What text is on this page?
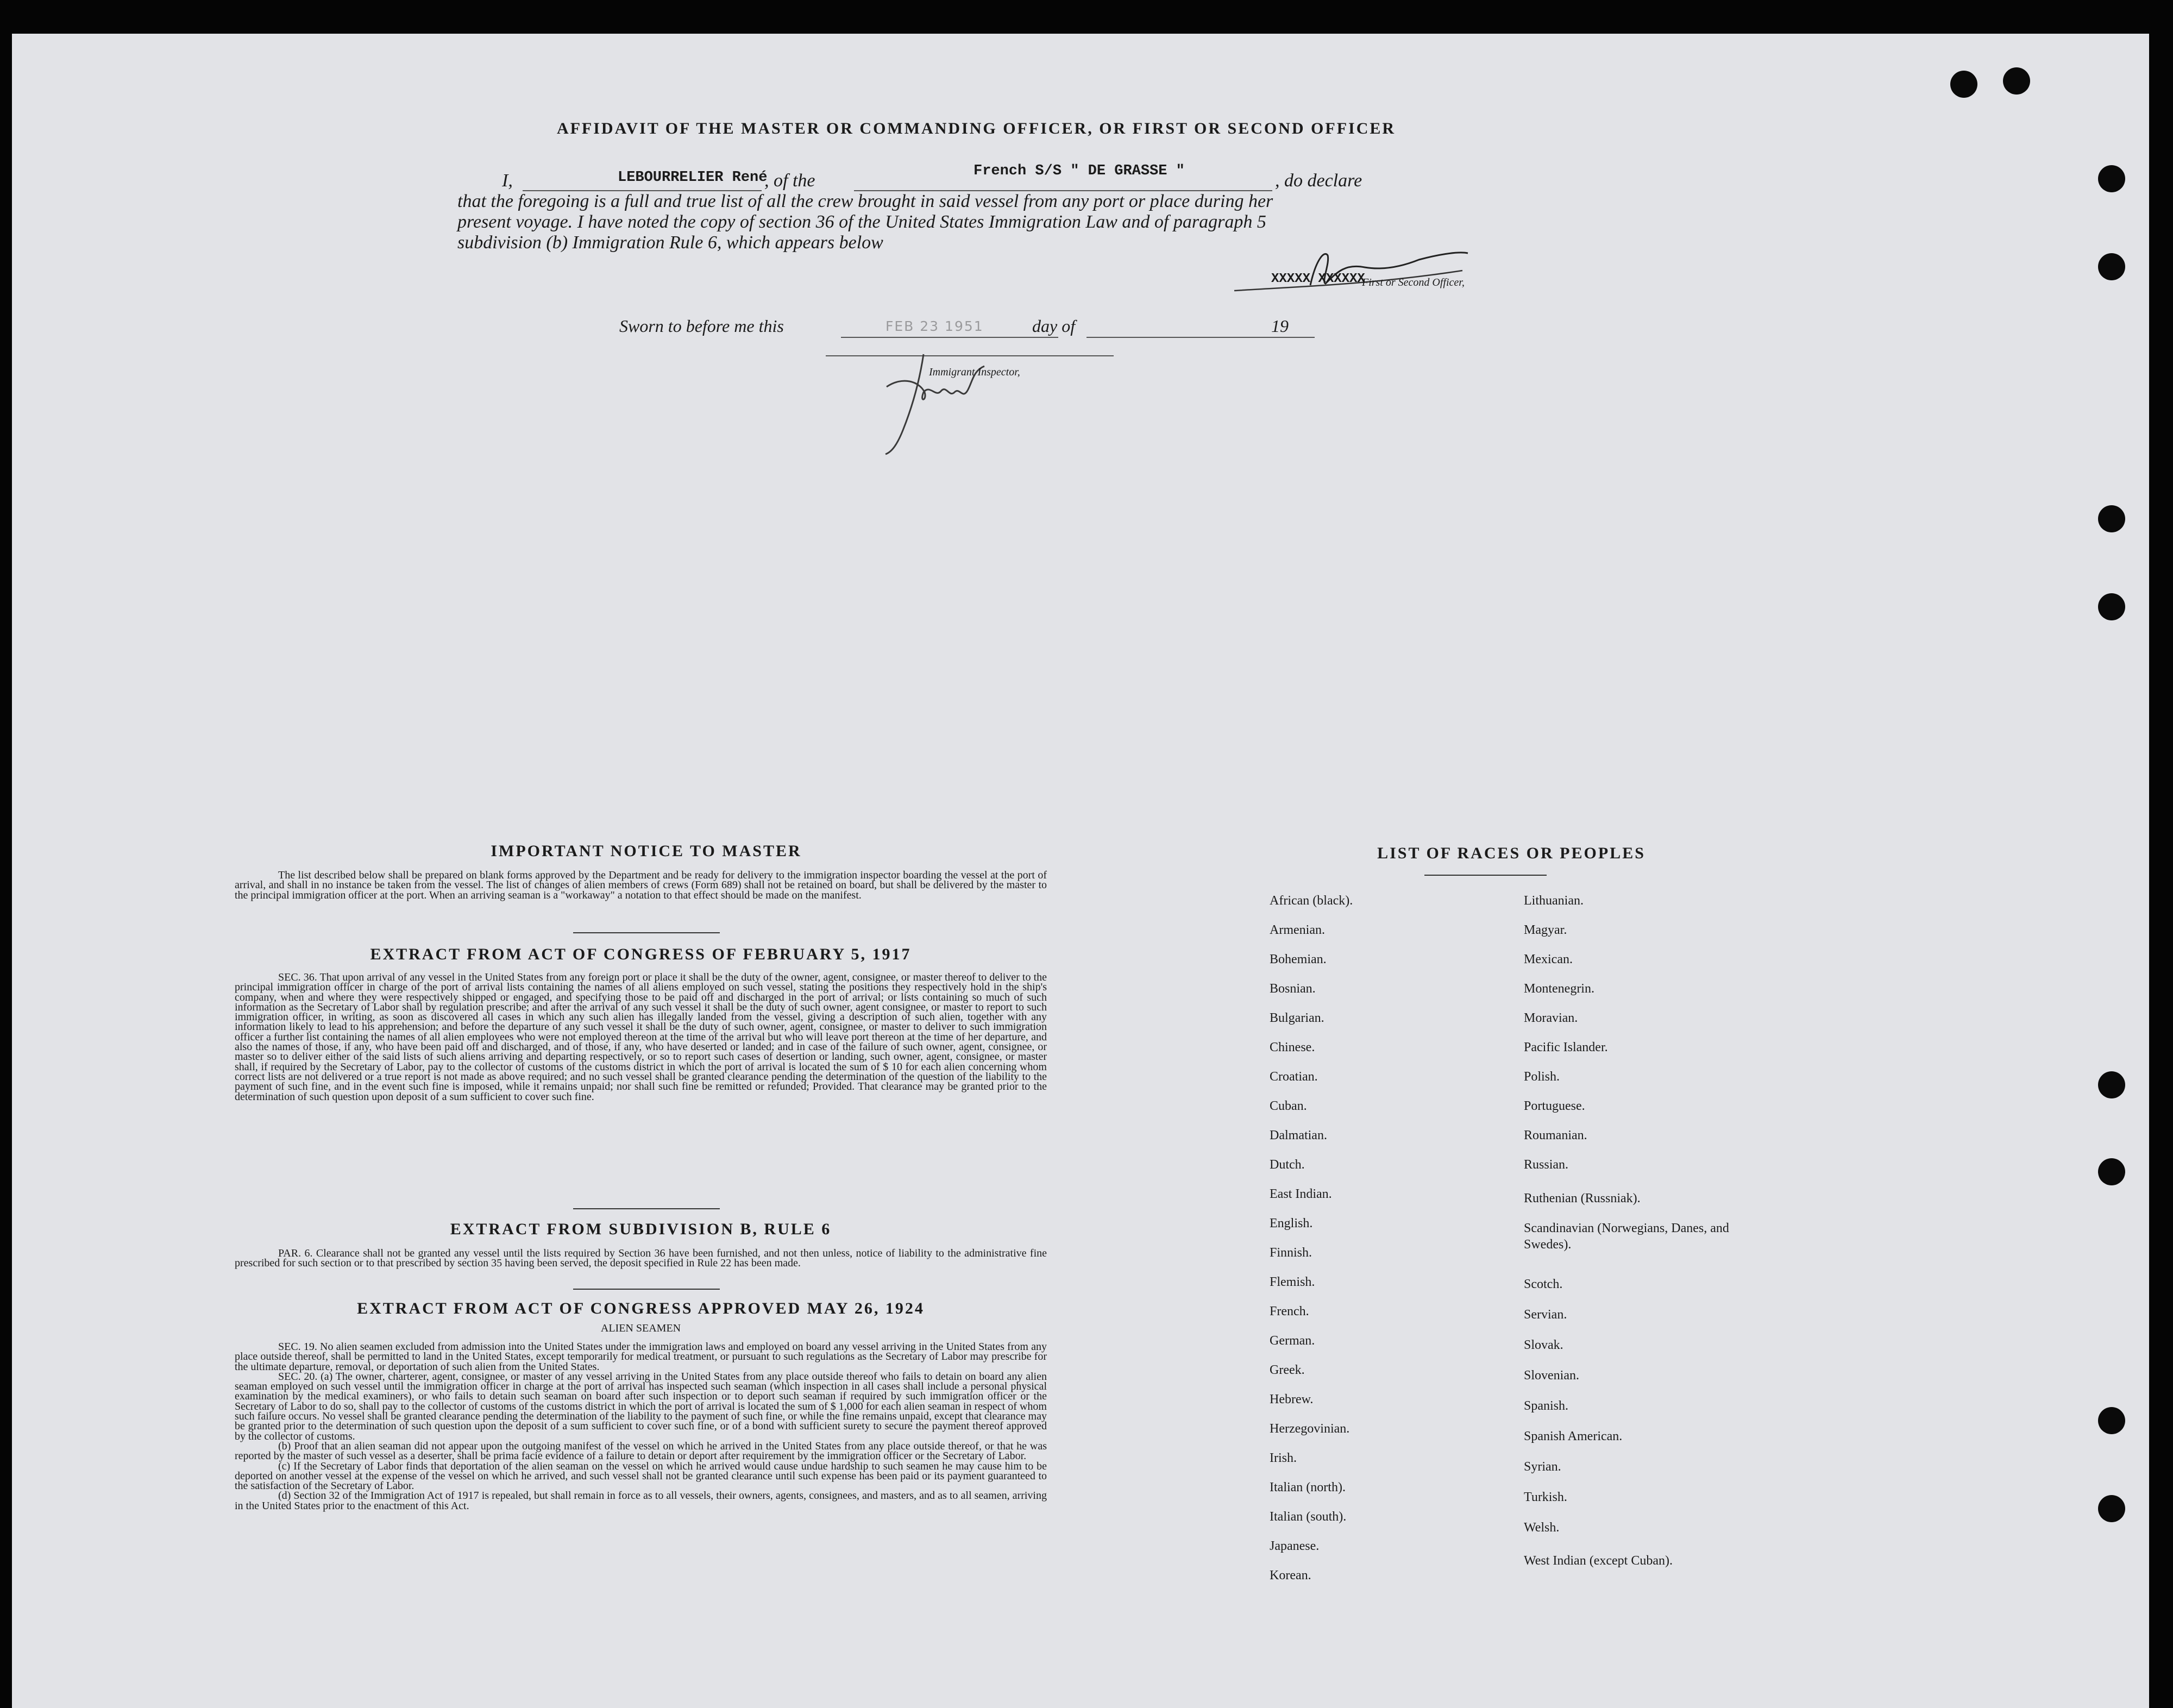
AFFIDAVIT OF THE MASTER OR COMMANDING OFFICER, OR FIRST OR SECOND OFFICER
I,	LEBOURRELIER René
, of the	French S/S " DE GRASSE "	, do declare
that the foregoing is a full and true list of all the crew brought in said vessel from any port or place during her
present voyage. I have noted the copy of section 36 of the United States Immigration Law and of paragraph 5
subdivision (b) Immigration Rule 6, which appears below
XXXXX XXXXXX
First or Second Officer,
Sworn to before me this	FEB 23 1951	day of	19
Immigrant Inspector,
IMPORTANT NOTICE TO MASTER
The list described below shall be prepared on blank forms approved by the Department and be ready for delivery to the immigration inspector boarding the vessel at the port of arrival, and shall in no instance be taken from the vessel. The list of changes of alien members of crews (Form 689) shall not be retained on board, but shall be delivered by the master to the principal immigration officer at the port. When an arriving seaman is a "workaway" a notation to that effect should be made on the manifest.
EXTRACT FROM ACT OF CONGRESS OF FEBRUARY 5, 1917
SEC. 36. That upon arrival of any vessel in the United States from any foreign port or place it shall be the duty of the owner, agent, consignee, or master thereof to deliver to the principal immigration officer in charge of the port of arrival lists containing the names of all aliens employed on such vessel, stating the positions they respectively hold in the ship's company, when and where they were respectively shipped or engaged, and specifying those to be paid off and discharged in the port of arrival; or lists containing so much of such information as the Secretary of Labor shall by regulation prescribe; and after the arrival of any such vessel it shall be the duty of such owner, agent consignee, or master to report to such immigration officer, in writing, as soon as discovered all cases in which any such alien has illegally landed from the vessel, giving a description of such alien, together with any information likely to lead to his apprehension; and before the departure of any such vessel it shall be the duty of such owner, agent, consignee, or master to deliver to such immigration officer a further list containing the names of all alien employees who were not employed thereon at the time of the arrival but who will leave port thereon at the time of her departure, and also the names of those, if any, who have been paid off and discharged, and of those, if any, who have deserted or landed; and in case of the failure of such owner, agent, consignee, or master so to deliver either of the said lists of such aliens arriving and departing respectively, or so to report such cases of desertion or landing, such owner, agent, consignee, or master shall, if required by the Secretary of Labor, pay to the collector of customs of the customs district in which the port of arrival is located the sum of $ 10 for each alien concerning whom correct lists are not delivered or a true report is not made as above required; and no such vessel shall be granted clearance pending the determination of the question of the liability to the payment of such fine, and in the event such fine is imposed, while it remains unpaid; nor shall such fine be remitted or refunded; Provided. That clearance may be granted prior to the determination of such question upon deposit of a sum sufficient to cover such fine.
EXTRACT FROM SUBDIVISION B, RULE 6
PAR. 6. Clearance shall not be granted any vessel until the lists required by Section 36 have been furnished, and not then unless, notice of liability to the administrative fine prescribed for such section or to that prescribed by section 35 having been served, the deposit specified in Rule 22 has been made.
EXTRACT FROM ACT OF CONGRESS APPROVED MAY 26, 1924
ALIEN SEAMEN
SEC. 19. No alien seamen excluded from admission into the United States under the immigration laws and employed on board any vessel arriving in the United States from any place outside thereof, shall be permitted to land in the United States, except temporarily for medical treatment, or pursuant to such regulations as the Secretary of Labor may prescribe for the ultimate departure, removal, or deportation of such alien from the United States.
SEC. 20. (a) The owner, charterer, agent, consignee, or master of any vessel arriving in the United States from any place outside thereof who fails to detain on board any alien seaman employed on such vessel until the immigration officer in charge at the port of arrival has inspected such seaman (which inspection in all cases shall include a personal physical examination by the medical examiners), or who fails to detain such seaman on board after such inspection or to deport such seaman if required by such immigration officer or the Secretary of Labor to do so, shall pay to the collector of customs of the customs district in which the port of arrival is located the sum of $ 1,000 for each alien seaman in respect of whom such failure occurs. No vessel shall be granted clearance pending the determination of the liability to the payment of such fine, or while the fine remains unpaid, except that clearance may be granted prior to the determination of such question upon the deposit of a sum sufficient to cover such fine, or of a bond with sufficient surety to secure the payment thereof approved by the collector of customs.
(b) Proof that an alien seaman did not appear upon the outgoing manifest of the vessel on which he arrived in the United States from any place outside thereof, or that he was reported by the master of such vessel as a deserter, shall be prima facie evidence of a failure to detain or deport after requirement by the immigration officer or the Secretary of Labor.
(c) If the Secretary of Labor finds that deportation of the alien seaman on the vessel on which he arrived would cause undue hardship to such seamen he may cause him to be deported on another vessel at the expense of the vessel on which he arrived, and such vessel shall not be granted clearance until such expense has been paid or its payment guaranteed to the satisfaction of the Secretary of Labor.
(d) Section 32 of the Immigration Act of 1917 is repealed, but shall remain in force as to all vessels, their owners, agents, consignees, and masters, and as to all seamen, arriving in the United States prior to the enactment of this Act.
LIST OF RACES OR PEOPLES
African (black).
Armenian.
Bohemian.
Bosnian.
Bulgarian.
Chinese.
Croatian.
Cuban.
Dalmatian.
Dutch.
East Indian.
English.
Finnish.
Flemish.
French.
German.
Greek.
Hebrew.
Herzegovinian.
Irish.
Italian (north).
Italian (south).
Japanese.
Korean.
Lithuanian.
Magyar.
Mexican.
Montenegrin.
Moravian.
Pacific Islander.
Polish.
Portuguese.
Roumanian.
Russian.
Ruthenian (Russniak).
Scandinavian (Norwegians, Danes, and Swedes).
Scotch.
Servian.
Slovak.
Slovenian.
Spanish.
Spanish American.
Syrian.
Turkish.
Welsh.
West Indian (except Cuban).
